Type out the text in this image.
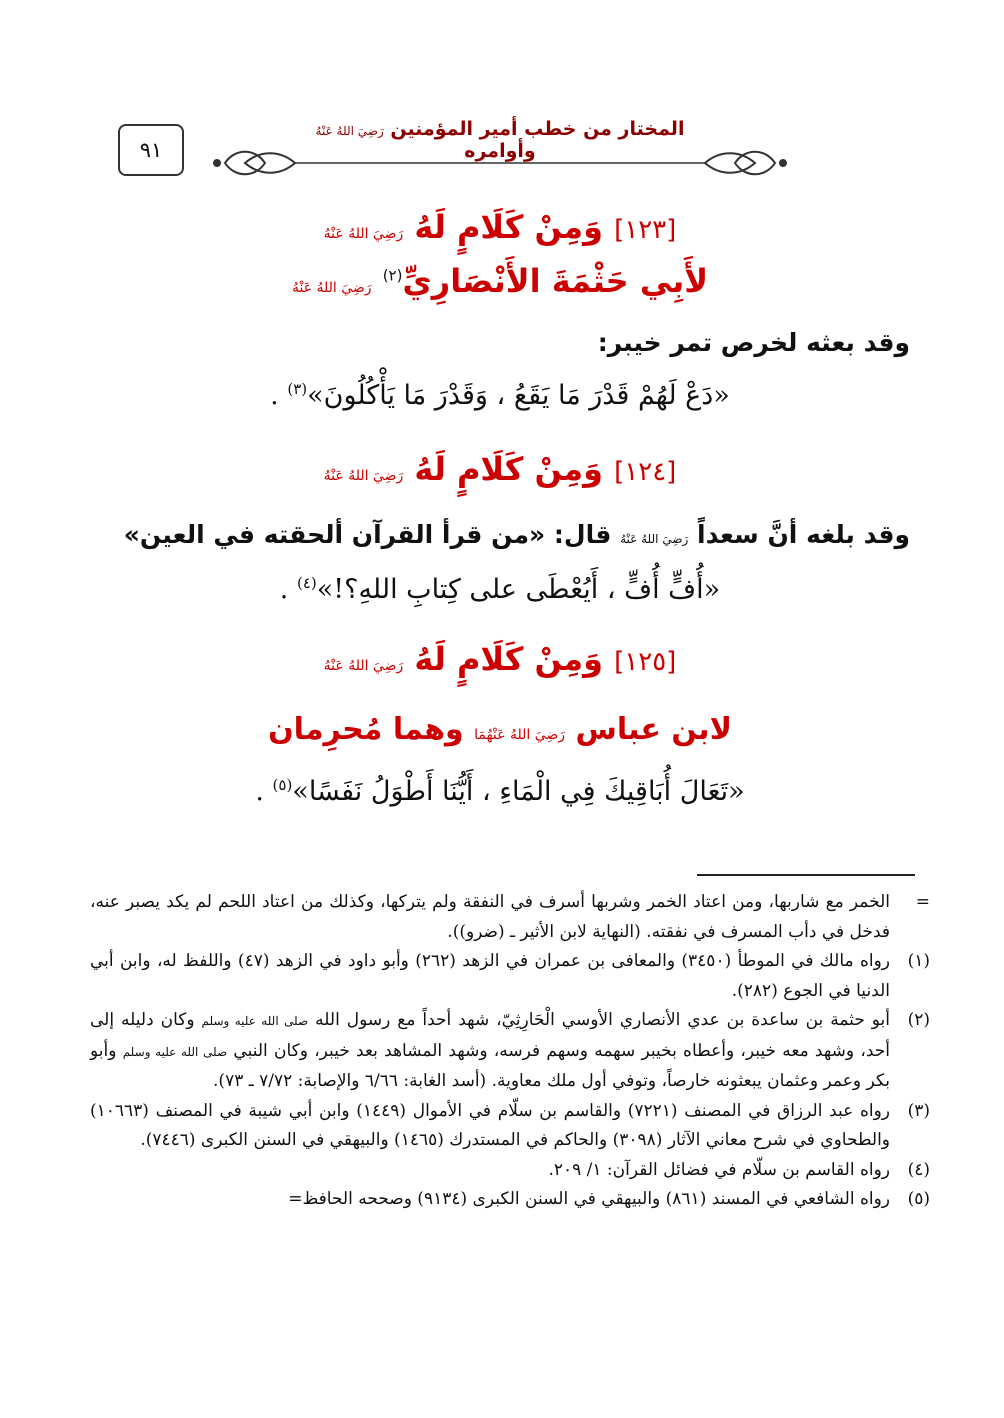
٩١
المختار من خطب أمير المؤمنين رَضِيَ اللهُ عَنْهُ وأوامره
[١٢٣] وَمِنْ كَلَامٍ لَهُ رَضِيَ اللهُ عَنْهُ
لأَبِي حَثْمَةَ الأَنْصَارِيِّ$^{(٢)}$ رَضِيَ اللهُ عَنْهُ
وقد بعثه لخرص تمر خيبر:
«دَعْ لَهُمْ قَدْرَ مَا يَقَعُ ، وَقَدْرَ مَا يَأْكُلُونَ»$^{(٣)}$ .
[١٢٤] وَمِنْ كَلَامٍ لَهُ رَضِيَ اللهُ عَنْهُ
وقد بلغه أنَّ سعداً رَضِيَ اللهُ عَنْهُ قال: «من قرأ القرآن ألحقته في العين»
«أُفٍّ أُفٍّ ، أَيُعْطَى على كِتابِ اللهِ؟!»$^{(٤)}$ .
[١٢٥] وَمِنْ كَلَامٍ لَهُ رَضِيَ اللهُ عَنْهُ
لابن عباس رَضِيَ اللهُ عَنْهُمَا وهما مُحرِمان
«تَعَالَ أُبَاقِيكَ فِي الْمَاءِ ، أَيُّنَا أَطْوَلُ نَفَسًا»$^{(٥)}$ .
=
الخمر مع شاربها، ومن اعتاد الخمر وشربها أسرف في النفقة ولم يتركها، وكذلك من اعتاد اللحم لم يكد يصبر عنه، فدخل في دأب المسرف في نفقته. (النهاية لابن الأثير ـ (ضرو)).
(١)
رواه مالك في الموطأ (٣٤٥٠) والمعافى بن عمران في الزهد (٢٦٢) وأبو داود في الزهد (٤٧) واللفظ له، وابن أبي الدنيا في الجوع (٢٨٢).
(٢)
أبو حثمة بن ساعدة بن عدي الأنصاري الأوسي الْحَارِثِيّ، شهد أحداً مع رسول الله صلى الله عليه وسلم وكان دليله إلى أحد، وشهد معه خيبر، وأعطاه بخيبر سهمه وسهم فرسه، وشهد المشاهد بعد خيبر، وكان النبي صلى الله عليه وسلم وأبو بكر وعمر وعثمان يبعثونه خارصاً، وتوفي أول ملك معاوية. (أسد الغابة: ٦/٦٦ والإصابة: ٧/٧٢ ـ ٧٣).
(٣)
رواه عبد الرزاق في المصنف (٧٢٢١) والقاسم بن سلّام في الأموال (١٤٤٩) وابن أبي شيبة في المصنف (١٠٦٦٣) والطحاوي في شرح معاني الآثار (٣٠٩٨) والحاكم في المستدرك (١٤٦٥) والبيهقي في السنن الكبرى (٧٤٤٦).
(٤)
رواه القاسم بن سلّام في فضائل القرآن: ١/ ٢٠٩.
(٥)
رواه الشافعي في المسند (٨٦١) والبيهقي في السنن الكبرى (٩١٣٤) وصححه الحافظ=
